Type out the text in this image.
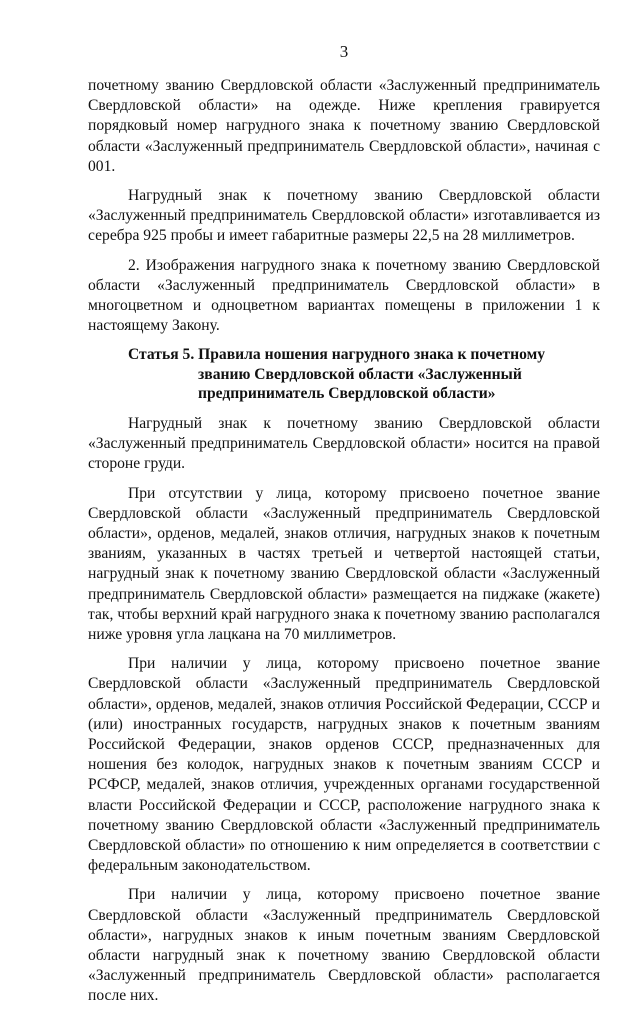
3

почетному званию Свердловской области «Заслуженный предприниматель Свердловской области» на одежде. Ниже крепления гравируется порядковый номер нагрудного знака к почетному званию Свердловской области «Заслуженный предприниматель Свердловской области», начиная с 001.

Нагрудный знак к почетному званию Свердловской области «Заслуженный предприниматель Свердловской области» изготавливается из серебра 925 пробы и имеет габаритные размеры 22,5 на 28 миллиметров.

2. Изображения нагрудного знака к почетному званию Свердловской области «Заслуженный предприниматель Свердловской области» в многоцветном и одноцветном вариантах помещены в приложении 1 к настоящему Закону.

Статья 5. Правила ношения нагрудного знака к почетному
званию Свердловской области «Заслуженный
предприниматель Свердловской области»

Нагрудный знак к почетному званию Свердловской области «Заслуженный предприниматель Свердловской области» носится на правой стороне груди.

При отсутствии у лица, которому присвоено почетное звание Свердловской области «Заслуженный предприниматель Свердловской области», орденов, медалей, знаков отличия, нагрудных знаков к почетным званиям, указанных в частях третьей и четвертой настоящей статьи, нагрудный знак к почетному званию Свердловской области «Заслуженный предприниматель Свердловской области» размещается на пиджаке (жакете) так, чтобы верхний край нагрудного знака к почетному званию располагался ниже уровня угла лацкана на 70 миллиметров.

При наличии у лица, которому присвоено почетное звание Свердловской области «Заслуженный предприниматель Свердловской области», орденов, медалей, знаков отличия Российской Федерации, СССР и (или) иностранных государств, нагрудных знаков к почетным званиям Российской Федерации, знаков орденов СССР, предназначенных для ношения без колодок, нагрудных знаков к почетным званиям СССР и РСФСР, медалей, знаков отличия, учрежденных органами государственной власти Российской Федерации и СССР, расположение нагрудного знака к почетному званию Свердловской области «Заслуженный предприниматель Свердловской области» по отношению к ним определяется в соответствии с федеральным законодательством.

При наличии у лица, которому присвоено почетное звание Свердловской области «Заслуженный предприниматель Свердловской области», нагрудных знаков к иным почетным званиям Свердловской области нагрудный знак к почетному званию Свердловской области «Заслуженный предприниматель Свердловской области» располагается после них.
